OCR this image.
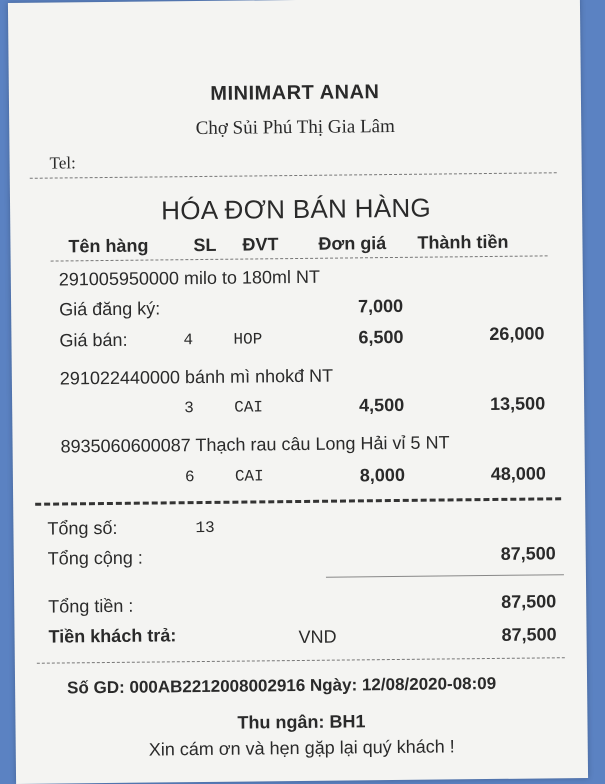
MINIMART ANAN
Chợ Sủi Phú Thị Gia Lâm
Tel:
HÓA ĐƠN BÁN HÀNG
Tên hàng SL ĐVT Đơn giá Thành tiền
291005950000 milo to 180ml NT
Giá đăng ký:	7,000
Giá bán:	4	HOP	6,500	26,000
291022440000 bánh mì nhokđ NT
3	CAI	4,500	13,500
8935060600087 Thạch rau câu Long Hải vỉ 5 NT
6	CAI	8,000	48,000
Tổng số:	13
Tổng cộng :	87,500
Tổng tiền :	87,500
Tiền khách trả:	VND	87,500
Số GD: 000AB2212008002916 Ngày: 12/08/2020-08:09
Thu ngân: BH1
Xin cám ơn và hẹn gặp lại quý khách !
